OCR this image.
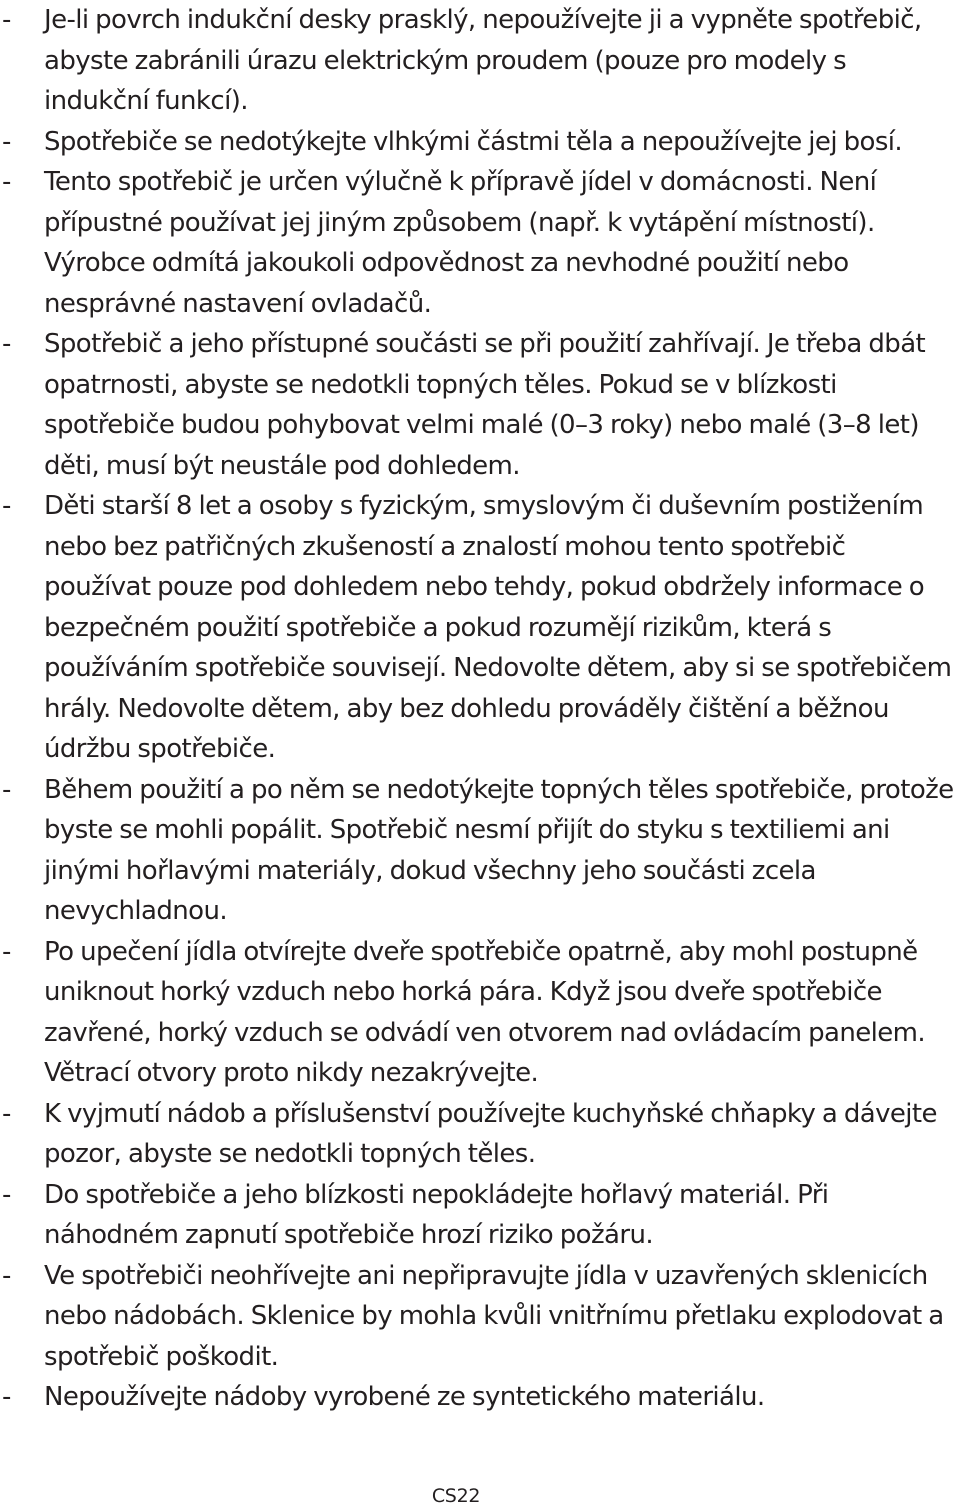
- Je-li povrch indukční desky prasklý, nepoužívejte ji a vypněte spotřebič, abyste zabránili úrazu elektrickým proudem (pouze pro modely s indukční funkcí).
- Spotřebiče se nedotýkejte vlhkými částmi těla a nepoužívejte jej bosí.
- Tento spotřebič je určen výlučně k přípravě jídel v domácnosti. Není přípustné používat jej jiným způsobem (např. k vytápění místností). Výrobce odmítá jakoukoli odpovědnost za nevhodné použití nebo nesprávné nastavení ovladačů.
- Spotřebič a jeho přístupné součásti se při použití zahřívají. Je třeba dbát opatrnosti, abyste se nedotkli topných těles. Pokud se v blízkosti spotřebiče budou pohybovat velmi malé (0–3 roky) nebo malé (3–8 let) děti, musí být neustále pod dohledem.
- Děti starší 8 let a osoby s fyzickým, smyslovým či duševním postižením nebo bez patřičných zkušeností a znalostí mohou tento spotřebič používat pouze pod dohledem nebo tehdy, pokud obdržely informace o bezpečném použití spotřebiče a pokud rozumějí rizikům, která s používáním spotřebiče souvisejí. Nedovolte dětem, aby si se spotřebičem hrály. Nedovolte dětem, aby bez dohledu prováděly čištění a běžnou údržbu spotřebiče.
- Během použití a po něm se nedotýkejte topných těles spotřebiče, protože byste se mohli popálit. Spotřebič nesmí přijít do styku s textiliemi ani jinými hořlavými materiály, dokud všechny jeho součásti zcela nevychladnou.
- Po upečení jídla otvírejte dveře spotřebiče opatrně, aby mohl postupně uniknout horký vzduch nebo horká pára. Když jsou dveře spotřebiče zavřené, horký vzduch se odvádí ven otvorem nad ovládacím panelem. Větrací otvory proto nikdy nezakrývejte.
- K vyjmutí nádob a příslušenství používejte kuchyňské chňapky a dávejte pozor, abyste se nedotkli topných těles.
- Do spotřebiče a jeho blízkosti nepokládejte hořlavý materiál. Při náhodném zapnutí spotřebiče hrozí riziko požáru.
- Ve spotřebiči neohřívejte ani nepřipravujte jídla v uzavřených sklenicích nebo nádobách. Sklenice by mohla kvůli vnitřnímu přetlaku explodovat a spotřebič poškodit.
- Nepoužívejte nádoby vyrobené ze syntetického materiálu.
CS22
